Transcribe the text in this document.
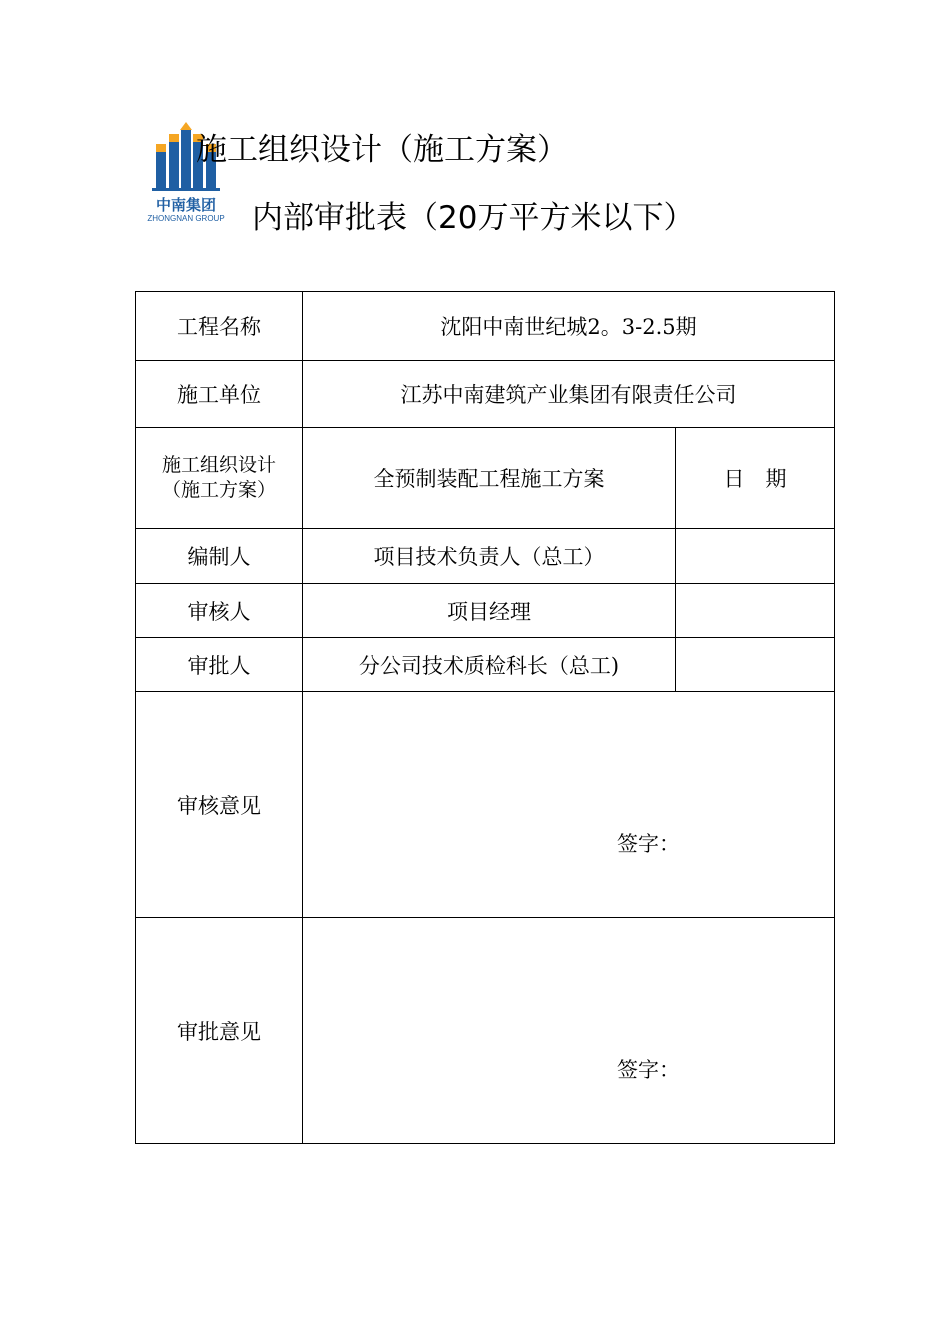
中南集团
ZHONGNAN GROUP
施工组织设计（施工方案）
内部审批表（20万平方米以下）
工程名称	沈阳中南世纪城2。3-2.5期	
施工单位	江苏中南建筑产业集团有限责任公司	

施工组织设计
（施工方案）	全预制装配工程施工方案	日　期
编制人	项目技术负责人（总工）	
审核人	项目经理	
审批人	分公司技术质检科长（总工)	
审核意见	签字：	

审批意见	签字：	
